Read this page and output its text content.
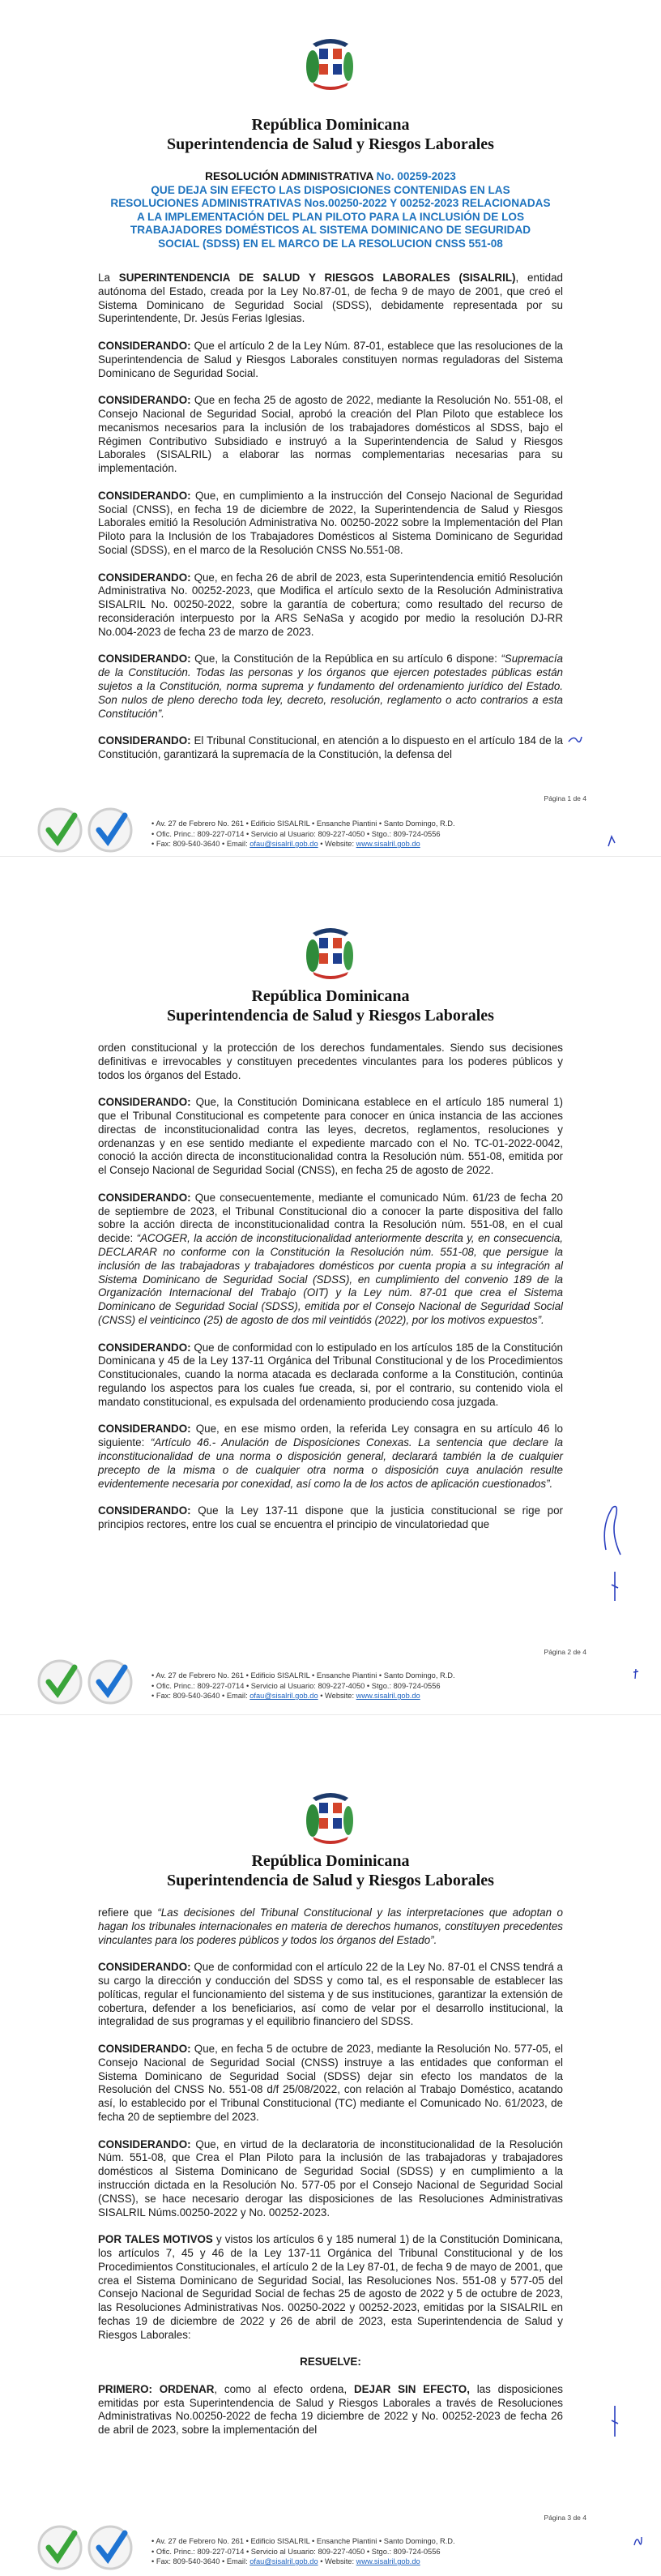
República Dominicana
Superintendencia de Salud y Riesgos Laborales
RESOLUCIÓN ADMINISTRATIVA No. 00259-2023
QUE DEJA SIN EFECTO LAS DISPOSICIONES CONTENIDAS EN LAS
RESOLUCIONES ADMINISTRATIVAS Nos.00250-2022 Y 00252-2023 RELACIONADAS
A LA IMPLEMENTACIÓN DEL PLAN PILOTO PARA LA INCLUSIÓN DE LOS
TRABAJADORES DOMÉSTICOS AL SISTEMA DOMINICANO DE SEGURIDAD
SOCIAL (SDSS) EN EL MARCO DE LA RESOLUCION CNSS 551-08

La SUPERINTENDENCIA DE SALUD Y RIESGOS LABORALES (SISALRIL), entidad autónoma del Estado, creada por la Ley No.87-01, de fecha 9 de mayo de 2001, que creó el Sistema Dominicano de Seguridad Social (SDSS), debidamente representada por su Superintendente, Dr. Jesús Ferias Iglesias.

CONSIDERANDO: Que el artículo 2 de la Ley Núm. 87-01, establece que las resoluciones de la Superintendencia de Salud y Riesgos Laborales constituyen normas reguladoras del Sistema Dominicano de Seguridad Social.

CONSIDERANDO: Que en fecha 25 de agosto de 2022, mediante la Resolución No. 551-08, el Consejo Nacional de Seguridad Social, aprobó la creación del Plan Piloto que establece los mecanismos necesarios para la inclusión de los trabajadores domésticos al SDSS, bajo el Régimen Contributivo Subsidiado e instruyó a la Superintendencia de Salud y Riesgos Laborales (SISALRIL) a elaborar las normas complementarias necesarias para su implementación.

CONSIDERANDO: Que, en cumplimiento a la instrucción del Consejo Nacional de Seguridad Social (CNSS), en fecha 19 de diciembre de 2022, la Superintendencia de Salud y Riesgos Laborales emitió la Resolución Administrativa No. 00250-2022 sobre la Implementación del Plan Piloto para la Inclusión de los Trabajadores Domésticos al Sistema Dominicano de Seguridad Social (SDSS), en el marco de la Resolución CNSS No.551-08.

CONSIDERANDO: Que, en fecha 26 de abril de 2023, esta Superintendencia emitió Resolución Administrativa No. 00252-2023, que Modifica el artículo sexto de la Resolución Administrativa SISALRIL No. 00250-2022, sobre la garantía de cobertura; como resultado del recurso de reconsideración interpuesto por la ARS SeNaSa y acogido por medio la resolución DJ-RR No.004-2023 de fecha 23 de marzo de 2023.

CONSIDERANDO: Que, la Constitución de la República en su artículo 6 dispone: “Supremacía de la Constitución. Todas las personas y los órganos que ejercen potestades públicas están sujetos a la Constitución, norma suprema y fundamento del ordenamiento jurídico del Estado. Son nulos de pleno derecho toda ley, decreto, resolución, reglamento o acto contrarios a esta Constitución”.

CONSIDERANDO: El Tribunal Constitucional, en atención a lo dispuesto en el artículo 184 de la Constitución, garantizará la supremacía de la Constitución, la defensa del

Página 1 de 4
• Av. 27 de Febrero No. 261 • Edificio SISALRIL • Ensanche Piantini • Santo Domingo, R.D.
• Ofic. Princ.: 809-227-0714 • Servicio al Usuario: 809-227-4050 • Stgo.: 809-724-0556
• Fax: 809-540-3640 • Email: ofau@sisalril.gob.do • Website: www.sisalril.gob.do
República Dominicana
Superintendencia de Salud y Riesgos Laborales

orden constitucional y la protección de los derechos fundamentales. Siendo sus decisiones definitivas e irrevocables y constituyen precedentes vinculantes para los poderes públicos y todos los órganos del Estado.

CONSIDERANDO: Que, la Constitución Dominicana establece en el artículo 185 numeral 1) que el Tribunal Constitucional es competente para conocer en única instancia de las acciones directas de inconstitucionalidad contra las leyes, decretos, reglamentos, resoluciones y ordenanzas y en ese sentido mediante el expediente marcado con el No. TC-01-2022-0042, conoció la acción directa de inconstitucionalidad contra la Resolución núm. 551-08, emitida por el Consejo Nacional de Seguridad Social (CNSS), en fecha 25 de agosto de 2022.

CONSIDERANDO: Que consecuentemente, mediante el comunicado Núm. 61/23 de fecha 20 de septiembre de 2023, el Tribunal Constitucional dio a conocer la parte dispositiva del fallo sobre la acción directa de inconstitucionalidad contra la Resolución núm. 551-08, en el cual decide: “ACOGER, la acción de inconstitucionalidad anteriormente descrita y, en consecuencia, DECLARAR no conforme con la Constitución la Resolución núm. 551-08, que persigue la inclusión de las trabajadoras y trabajadores domésticos por cuenta propia a su integración al Sistema Dominicano de Seguridad Social (SDSS), en cumplimiento del convenio 189 de la Organización Internacional del Trabajo (OIT) y la Ley núm. 87-01 que crea el Sistema Dominicano de Seguridad Social (SDSS), emitida por el Consejo Nacional de Seguridad Social (CNSS) el veinticinco (25) de agosto de dos mil veintidós (2022), por los motivos expuestos”.

CONSIDERANDO: Que de conformidad con lo estipulado en los artículos 185 de la Constitución Dominicana y 45 de la Ley 137-11 Orgánica del Tribunal Constitucional y de los Procedimientos Constitucionales, cuando la norma atacada es declarada conforme a la Constitución, continúa regulando los aspectos para los cuales fue creada, si, por el contrario, su contenido viola el mandato constitucional, es expulsada del ordenamiento produciendo cosa juzgada.

CONSIDERANDO: Que, en ese mismo orden, la referida Ley consagra en su artículo 46 lo siguiente: “Artículo 46.- Anulación de Disposiciones Conexas. La sentencia que declare la inconstitucionalidad de una norma o disposición general, declarará también la de cualquier precepto de la misma o de cualquier otra norma o disposición cuya anulación resulte evidentemente necesaria por conexidad, así como la de los actos de aplicación cuestionados”.

CONSIDERANDO: Que la Ley 137-11 dispone que la justicia constitucional se rige por principios rectores, entre los cual se encuentra el principio de vinculatoriedad que

Página 2 de 4
• Av. 27 de Febrero No. 261 • Edificio SISALRIL • Ensanche Piantini • Santo Domingo, R.D.
• Ofic. Princ.: 809-227-0714 • Servicio al Usuario: 809-227-4050 • Stgo.: 809-724-0556
• Fax: 809-540-3640 • Email: ofau@sisalril.gob.do • Website: www.sisalril.gob.do
República Dominicana
Superintendencia de Salud y Riesgos Laborales

refiere que “Las decisiones del Tribunal Constitucional y las interpretaciones que adoptan o hagan los tribunales internacionales en materia de derechos humanos, constituyen precedentes vinculantes para los poderes públicos y todos los órganos del Estado”.

CONSIDERANDO: Que de conformidad con el artículo 22 de la Ley No. 87-01 el CNSS tendrá a su cargo la dirección y conducción del SDSS y como tal, es el responsable de establecer las políticas, regular el funcionamiento del sistema y de sus instituciones, garantizar la extensión de cobertura, defender a los beneficiarios, así como de velar por el desarrollo institucional, la integralidad de sus programas y el equilibrio financiero del SDSS.

CONSIDERANDO: Que, en fecha 5 de octubre de 2023, mediante la Resolución No. 577-05, el Consejo Nacional de Seguridad Social (CNSS) instruye a las entidades que conforman el Sistema Dominicano de Seguridad Social (SDSS) dejar sin efecto los mandatos de la Resolución del CNSS No. 551-08 d/f 25/08/2022, con relación al Trabajo Doméstico, acatando así, lo establecido por el Tribunal Constitucional (TC) mediante el Comunicado No. 61/2023, de fecha 20 de septiembre del 2023.

CONSIDERANDO: Que, en virtud de la declaratoria de inconstitucionalidad de la Resolución Núm. 551-08, que Crea el Plan Piloto para la inclusión de las trabajadoras y trabajadores domésticos al Sistema Dominicano de Seguridad Social (SDSS) y en cumplimiento a la instrucción dictada en la Resolución No. 577-05 por el Consejo Nacional de Seguridad Social (CNSS), se hace necesario derogar las disposiciones de las Resoluciones Administrativas SISALRIL Núms.00250-2022 y No. 00252-2023.

POR TALES MOTIVOS y vistos los artículos 6 y 185 numeral 1) de la Constitución Dominicana, los artículos 7, 45 y 46 de la Ley 137-11 Orgánica del Tribunal Constitucional y de los Procedimientos Constitucionales, el artículo 2 de la Ley 87-01, de fecha 9 de mayo de 2001, que crea el Sistema Dominicano de Seguridad Social, las Resoluciones Nos. 551-08 y 577-05 del Consejo Nacional de Seguridad Social de fechas 25 de agosto de 2022 y 5 de octubre de 2023, las Resoluciones Administrativas Nos. 00250-2022 y 00252-2023, emitidas por la SISALRIL en fechas 19 de diciembre de 2022 y 26 de abril de 2023, esta Superintendencia de Salud y Riesgos Laborales:

RESUELVE:

PRIMERO: ORDENAR, como al efecto ordena, DEJAR SIN EFECTO, las disposiciones emitidas por esta Superintendencia de Salud y Riesgos Laborales a través de Resoluciones Administrativas No.00250-2022 de fecha 19 diciembre de 2022 y No. 00252-2023 de fecha 26 de abril de 2023, sobre la implementación del

Página 3 de 4
• Av. 27 de Febrero No. 261 • Edificio SISALRIL • Ensanche Piantini • Santo Domingo, R.D.
• Ofic. Princ.: 809-227-0714 • Servicio al Usuario: 809-227-4050 • Stgo.: 809-724-0556
• Fax: 809-540-3640 • Email: ofau@sisalril.gob.do • Website: www.sisalril.gob.do
